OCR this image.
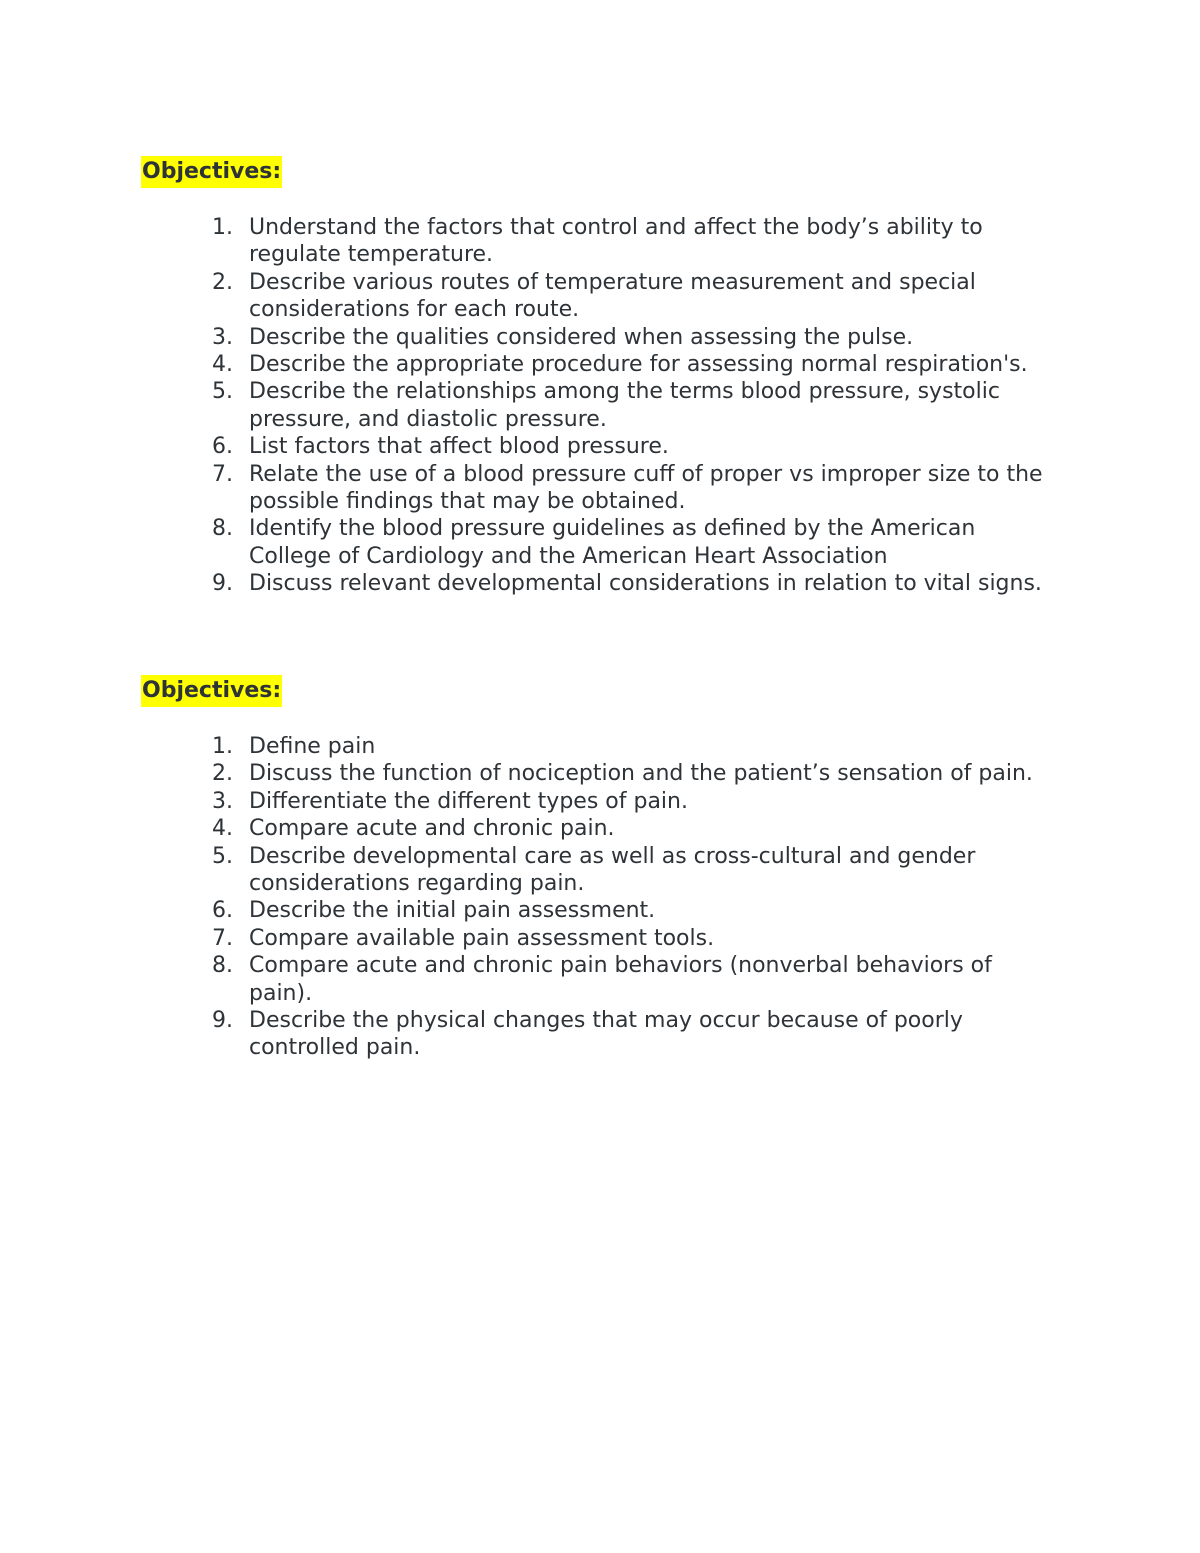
Objectives:
1. Understand the factors that control and affect the body’s ability to regulate temperature.
2. Describe various routes of temperature measurement and special considerations for each route.
3. Describe the qualities considered when assessing the pulse.
4. Describe the appropriate procedure for assessing normal respiration's.
5. Describe the relationships among the terms blood pressure, systolic pressure, and diastolic pressure.
6. List factors that affect blood pressure.
7. Relate the use of a blood pressure cuff of proper vs improper size to the possible findings that may be obtained.
8. Identify the blood pressure guidelines as defined by the American College of Cardiology and the American Heart Association
9. Discuss relevant developmental considerations in relation to vital signs.
Objectives:
1. Define pain
2. Discuss the function of nociception and the patient’s sensation of pain.
3. Differentiate the different types of pain.
4. Compare acute and chronic pain.
5. Describe developmental care as well as cross-cultural and gender considerations regarding pain.
6. Describe the initial pain assessment.
7. Compare available pain assessment tools.
8. Compare acute and chronic pain behaviors (nonverbal behaviors of pain).
9. Describe the physical changes that may occur because of poorly controlled pain.
